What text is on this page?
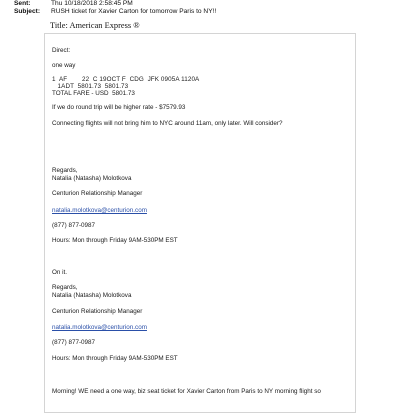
Sent:	Thu 10/18/2018 2:58:45 PM
Subject: RUSH ticket for Xavier Carton for tomorrow Paris to NY!!
Title: American Express ®
Direct:
one way
1  AF        22  C 19OCT F  CDG  JFK 0905A 1120A
1ADT  5801.73  5801.73
TOTAL FARE - USD  5801.73
If we do round trip will be higher rate - $7579.93
Connecting flights will not bring him to NYC around 11am, only later. Will consider?
Regards,
Natalia (Natasha) Molotkova
Centurion Relationship Manager
natalia.molotkova@centurion.com
(877) 877-0987
Hours: Mon through Friday 9AM-530PM EST
On it.
Regards,
Natalia (Natasha) Molotkova
Centurion Relationship Manager
natalia.molotkova@centurion.com
(877) 877-0987
Hours: Mon through Friday 9AM-530PM EST
Morning! WE need a one way, biz seat ticket for Xavier Carton from Paris to NY morning flight so
